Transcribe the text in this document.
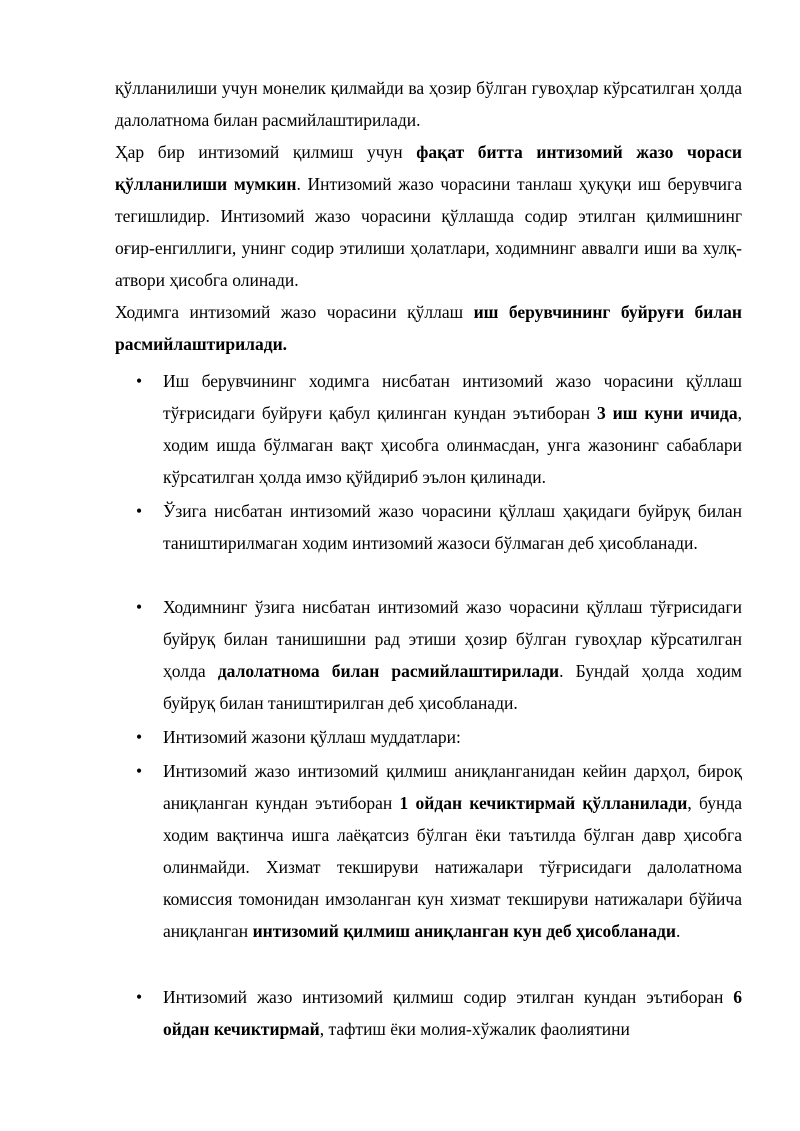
қўлланилиши учун монелик қилмайди ва ҳозир бўлган гувоҳлар кўрсатилган ҳолда далолатнома билан расмийлаштирилади.

Ҳар бир интизомий қилмиш учун фақат битта интизомий жазо чораси қўлланилиши мумкин. Интизомий жазо чорасини танлаш ҳуқуқи иш берувчига тегишлидир. Интизомий жазо чорасини қўллашда содир этилган қилмишнинг оғир-енгиллиги, унинг содир этилиши ҳолатлари, ходимнинг аввалги иши ва хулқ-атвори ҳисобга олинади.

Ходимга интизомий жазо чорасини қўллаш иш берувчининг буйруғи билан расмийлаштирилади.

• Иш берувчининг ходимга нисбатан интизомий жазо чорасини қўллаш тўғрисидаги буйруғи қабул қилинган кундан эътиборан 3 иш куни ичида, ходим ишда бўлмаган вақт ҳисобга олинмасдан, унга жазонинг сабаблари кўрсатилган ҳолда имзо қўйдириб эълон қилинади.

• Ўзига нисбатан интизомий жазо чорасини қўллаш ҳақидаги буйруқ билан таништирилмаган ходим интизомий жазоси бўлмаган деб ҳисобланади.

• Ходимнинг ўзига нисбатан интизомий жазо чорасини қўллаш тўғрисидаги буйруқ билан танишишни рад этиши ҳозир бўлган гувоҳлар кўрсатилган ҳолда далолатнома билан расмийлаштирилади. Бундай ҳолда ходим буйруқ билан таништирилган деб ҳисобланади.

• Интизомий жазони қўллаш муддатлари:

• Интизомий жазо интизомий қилмиш аниқланганидан кейин дарҳол, бироқ аниқланган кундан эътиборан 1 ойдан кечиктирмай қўлланилади, бунда ходим вақтинча ишга лаёқатсиз бўлган ёки таътилда бўлган давр ҳисобга олинмайди. Хизмат текшируви натижалари тўғрисидаги далолатнома комиссия томонидан имзоланган кун хизмат текшируви натижалари бўйича аниқланган интизомий қилмиш аниқланган кун деб ҳисобланади.

• Интизомий жазо интизомий қилмиш содир этилган кундан эътиборан 6 ойдан кечиктирмай, тафтиш ёки молия-хўжалик фаолиятини
